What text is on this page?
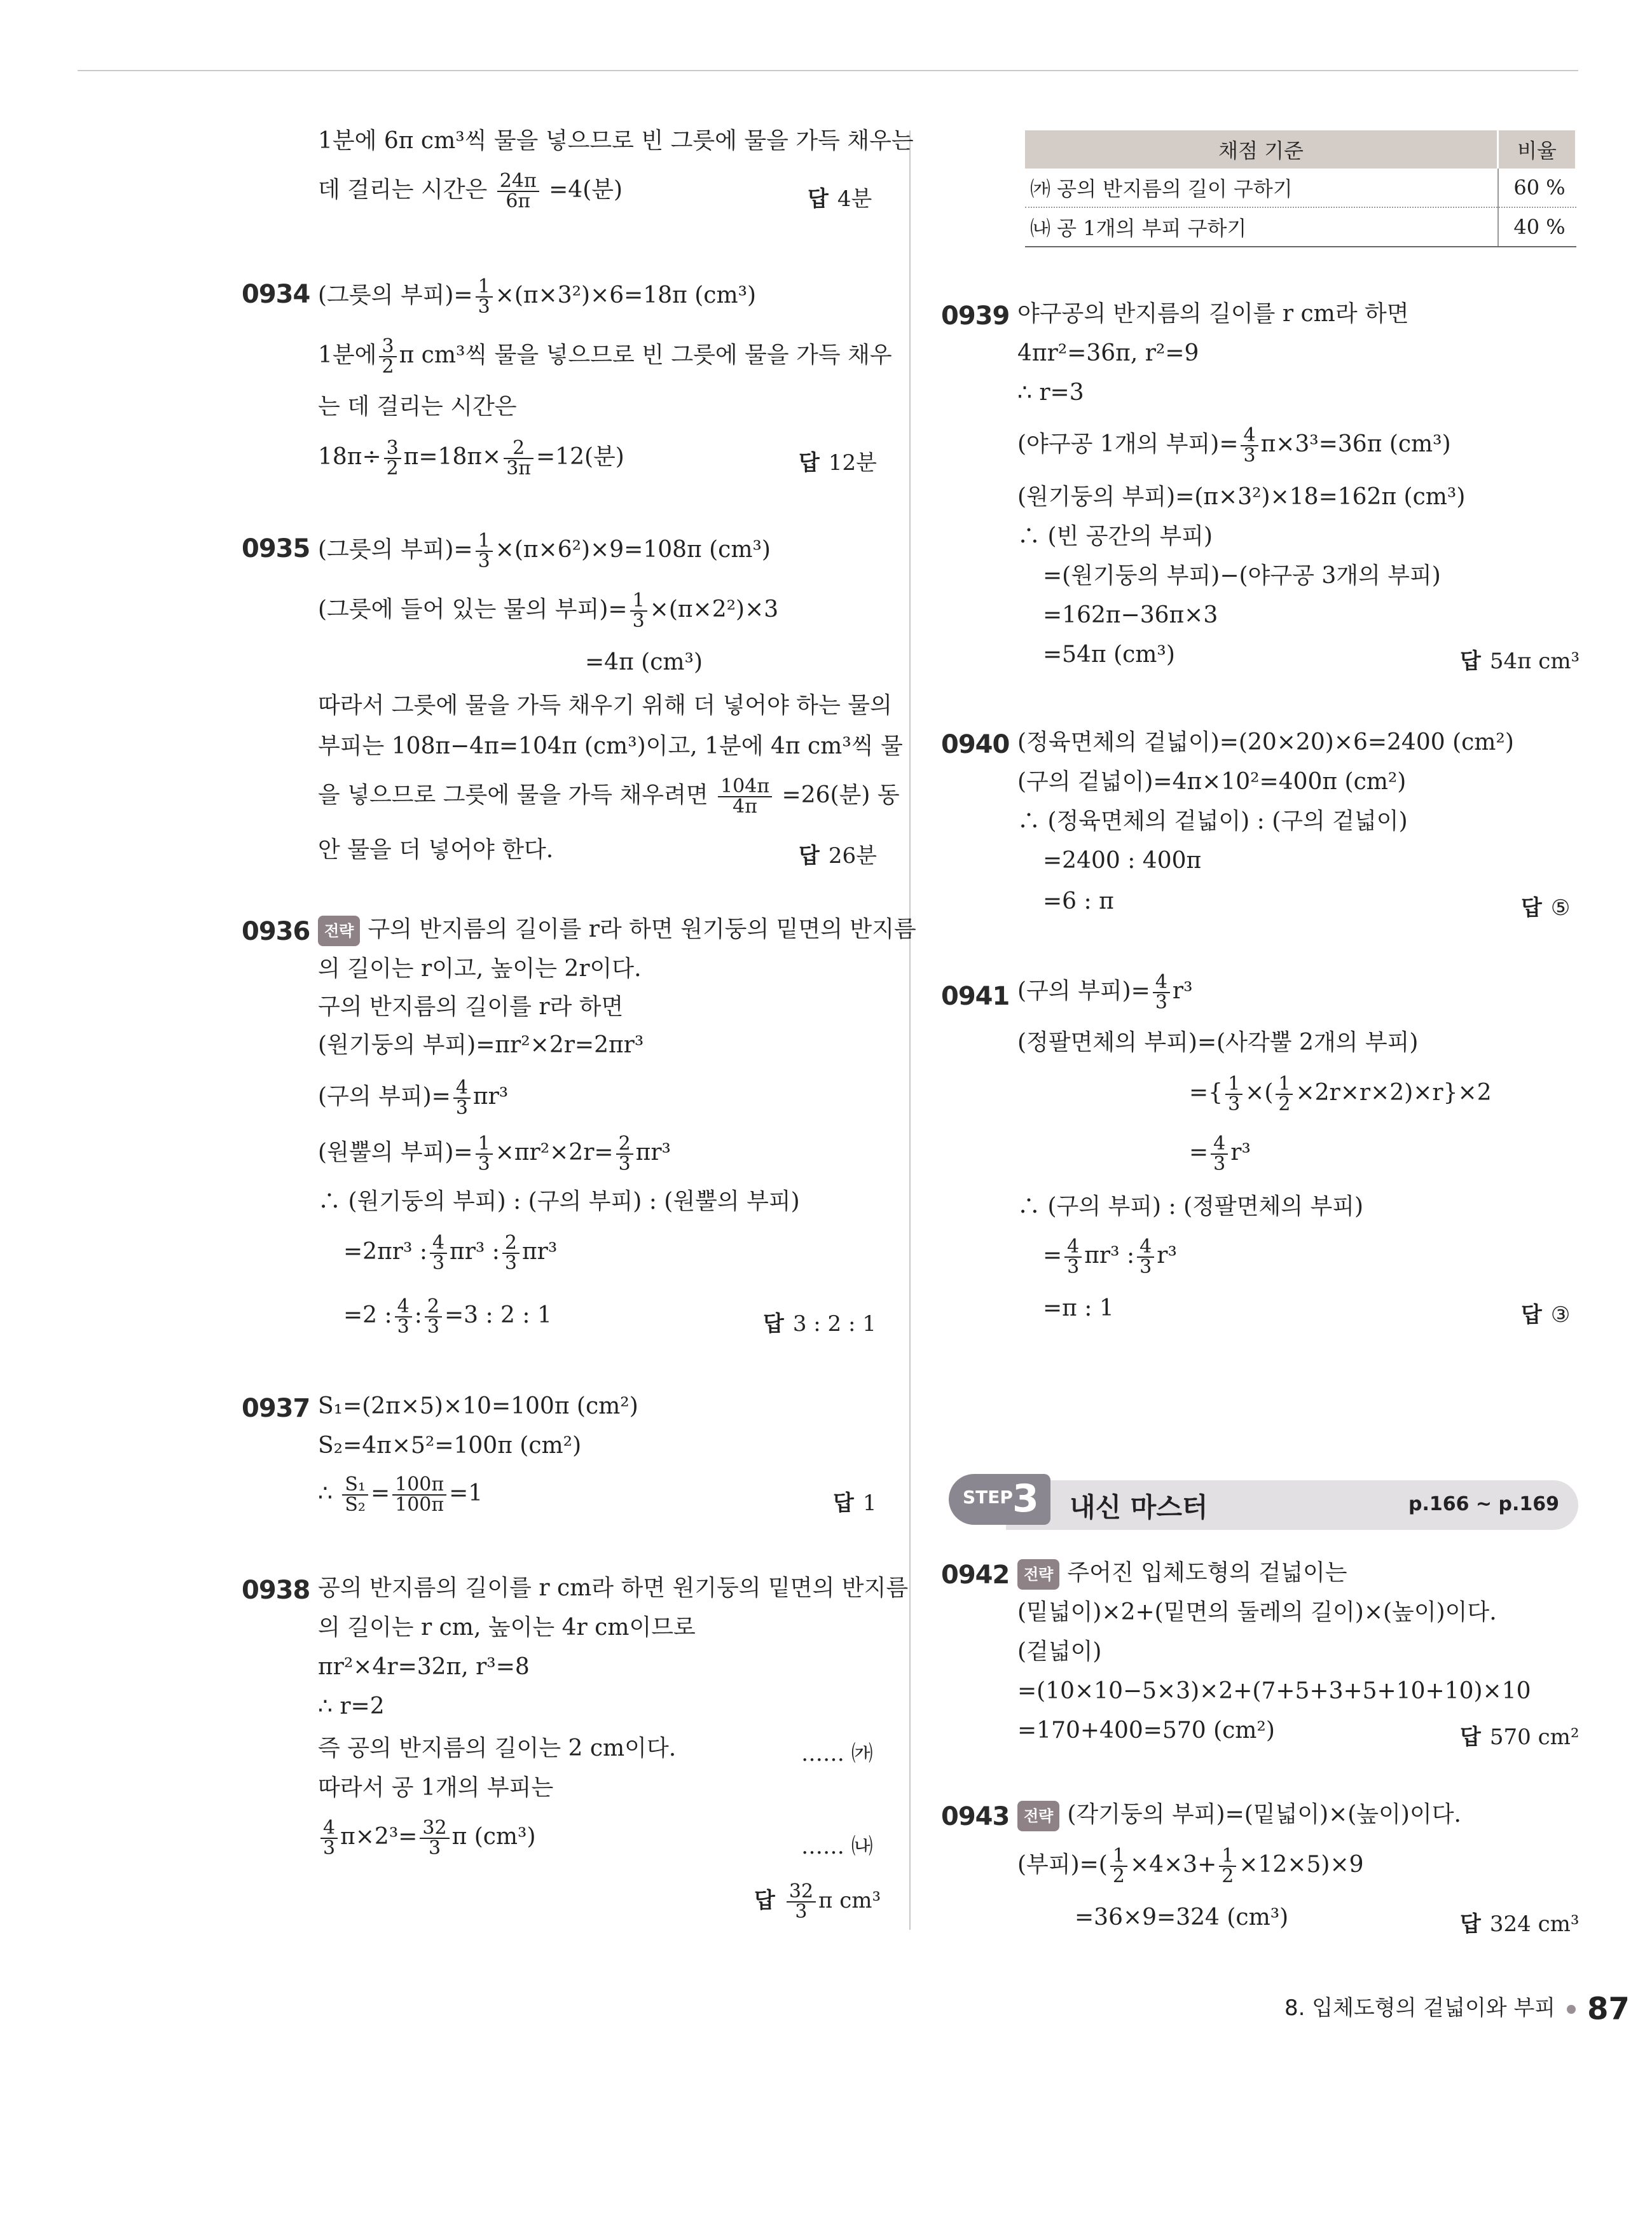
1분에 6π cm³씩 물을 넣으므로 빈 그릇에 물을 가득 채우는
데 걸리는 시간은 $\frac{24\pi}{6\pi} =4$(분)	답 4분
0934 (그릇의 부피)= $\frac{1}{3} \times(\pi\times 3^2)\times 6=18\pi$ (cm³)
1분에 $\frac{3}{2}$ π cm³씩 물을 넣으므로 빈 그릇에 물을 가득 채우
는 데 걸리는 시간은
$18\pi\div \frac{3}{2} \pi=18\pi\times \frac{2}{3\pi} =12$(분)	답 12분
0935 (그릇의 부피)= $\frac{1}{3} \times(\pi\times 6^2)\times 9=108\pi$ (cm³)
(그릇에 들어 있는 물의 부피)= $\frac{1}{3} \times(\pi\times 2^2)\times 3$
=4π (cm³)
따라서 그릇에 물을 가득 채우기 위해 더 넣어야 하는 물의
부피는 108π−4π=104π (cm³)이고, 1분에 4π cm³씩 물
을 넣으므로 그릇에 물을 가득 채우려면 $\frac{104\pi}{4\pi} =26$(분) 동
안 물을 더 넣어야 한다.	답 26분
0936 전략 구의 반지름의 길이를 r라 하면 원기둥의 밑면의 반지름
의 길이는 r이고, 높이는 2r이다.
구의 반지름의 길이를 r라 하면
(원기둥의 부피)=πr²×2r=2πr³
(구의 부피)= $\frac{4}{3} \pi r^3$
(원뿔의 부피)= $\frac{1}{3} \times\pi r^2\times 2r= \frac{2}{3} \pi r^3$
∴ (원기둥의 부피) : (구의 부피) : (원뿔의 부피)
=2πr³ : $\frac{4}{3} \pi r^3$ : $\frac{2}{3} \pi r^3$
=2 : $\frac{4}{3}$ : $\frac{2}{3} =3$ : 2 : 1	답 3 : 2 : 1
0937 S₁=(2π×5)×10=100π (cm²)
S₂=4π×5²=100π (cm²)
∴ $\frac{\text{S₁}}{\text{S₂}} = \frac{100\pi}{100\pi} =1$	답 1
0938 공의 반지름의 길이를 r cm라 하면 원기둥의 밑면의 반지름
의 길이는 r cm, 높이는 4r cm이므로
πr²×4r=32π, r³=8
∴ r=2
즉 공의 반지름의 길이는 2 cm이다.	…… ㈎
따라서 공 1개의 부피는
$\frac{4}{3} \pi\times 2^3= \frac{32}{3}$ π (cm³)	…… ㈏
답 $\frac{32}{3}$ π cm³
채점 기준	비율
㈎ 공의 반지름의 길이 구하기	60 %
㈏ 공 1개의 부피 구하기	40 %
0939 야구공의 반지름의 길이를 r cm라 하면
4πr²=36π, r²=9
∴ r=3
(야구공 1개의 부피)= $\frac{4}{3} \pi\times 3^3=36\pi$ (cm³)
(원기둥의 부피)=(π×3²)×18=162π (cm³)
∴ (빈 공간의 부피)
=(원기둥의 부피)−(야구공 3개의 부피)
=162π−36π×3
=54π (cm³)	답 54π cm³
0940 (정육면체의 겉넓이)=(20×20)×6=2400 (cm²)
(구의 겉넓이)=4π×10²=400π (cm²)
∴ (정육면체의 겉넓이) : (구의 겉넓이)
=2400 : 400π
=6 : π	답 ⑤
0941 (구의 부피)= $\frac{4}{3} r^3$
(정팔면체의 부피)=(사각뿔 2개의 부피)
={ $\frac{1}{3}$ ×( $\frac{1}{2} \times 2r\times r\times 2)\times r\}\times 2$
= $\frac{4}{3} r^3$
∴ (구의 부피) : (정팔면체의 부피)
= $\frac{4}{3} \pi r^3$ : $\frac{4}{3} r^3$
=π : 1	답 ③
STEP 3 내신 마스터	p.166 ~ p.169
0942 전략 주어진 입체도형의 겉넓이는
(밑넓이)×2+(밑면의 둘레의 길이)×(높이)이다.
(겉넓이)
=(10×10−5×3)×2+(7+5+3+5+10+10)×10
=170+400=570 (cm²)	답 570 cm²
0943 전략 (각기둥의 부피)=(밑넓이)×(높이)이다.
(부피)=( $\frac{1}{2} \times 4\times 3+ \frac{1}{2} \times 12\times 5)\times 9$
=36×9=324 (cm³)	답 324 cm³
8. 입체도형의 겉넓이와 부피 87
